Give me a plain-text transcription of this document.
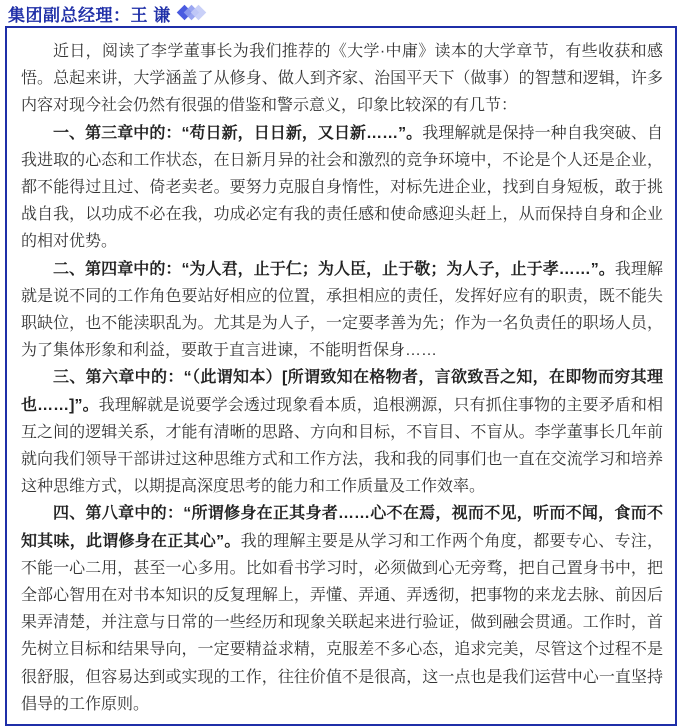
集团副总经理：王 谦

近日，阅读了李学董事长为我们推荐的《大学·中庸》读本的大学章节，有些收获和感悟。总起来讲，大学涵盖了从修身、做人到齐家、治国平天下（做事）的智慧和逻辑，许多内容对现今社会仍然有很强的借鉴和警示意义，印象比较深的有几节：

一、第三章中的：“苟日新，日日新，又日新……”。我理解就是保持一种自我突破、自我进取的心态和工作状态，在日新月异的社会和激烈的竞争环境中，不论是个人还是企业，都不能得过且过、倚老卖老。要努力克服自身惰性，对标先进企业，找到自身短板，敢于挑战自我，以功成不必在我，功成必定有我的责任感和使命感迎头赶上，从而保持自身和企业的相对优势。

二、第四章中的：“为人君，止于仁；为人臣，止于敬；为人子，止于孝……”。我理解就是说不同的工作角色要站好相应的位置，承担相应的责任，发挥好应有的职责，既不能失职缺位，也不能渎职乱为。尤其是为人子，一定要孝善为先；作为一名负责任的职场人员，为了集体形象和利益，要敢于直言进谏，不能明哲保身……

三、第六章中的：“（此谓知本）[所谓致知在格物者，言欲致吾之知，在即物而穷其理也……]”。我理解就是说要学会透过现象看本质，追根溯源，只有抓住事物的主要矛盾和相互之间的逻辑关系，才能有清晰的思路、方向和目标，不盲目、不盲从。李学董事长几年前就向我们领导干部讲过这种思维方式和工作方法，我和我的同事们也一直在交流学习和培养这种思维方式，以期提高深度思考的能力和工作质量及工作效率。

四、第八章中的：“所谓修身在正其身者……心不在焉，视而不见，听而不闻，食而不知其味，此谓修身在正其心”。我的理解主要是从学习和工作两个角度，都要专心、专注，不能一心二用，甚至一心多用。比如看书学习时，必须做到心无旁骛，把自己置身书中，把全部心智用在对书本知识的反复理解上，弄懂、弄通、弄透彻，把事物的来龙去脉、前因后果弄清楚，并注意与日常的一些经历和现象关联起来进行验证，做到融会贯通。工作时，首先树立目标和结果导向，一定要精益求精，克服差不多心态，追求完美，尽管这个过程不是很舒服，但容易达到或实现的工作，往往价值不是很高，这一点也是我们运营中心一直坚持倡导的工作原则。
